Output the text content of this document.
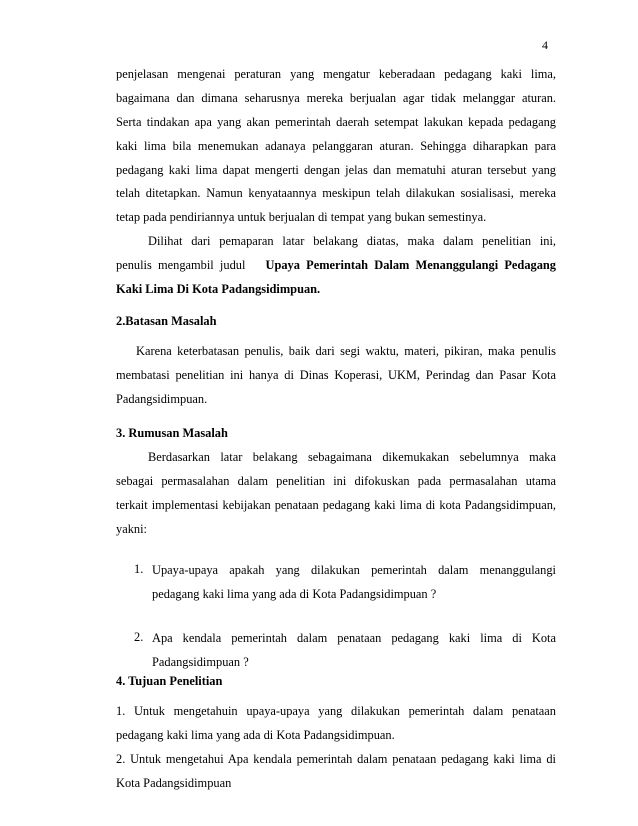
4
penjelasan mengenai peraturan yang mengatur keberadaan pedagang kaki lima,
bagaimana dan dimana seharusnya mereka berjualan agar tidak melanggar aturan.
Serta tindakan apa yang akan pemerintah daerah setempat lakukan kepada pedagang
kaki lima bila menemukan adanaya pelanggaran aturan. Sehingga diharapkan para
pedagang kaki lima dapat mengerti dengan jelas dan mematuhi aturan tersebut yang
telah ditetapkan. Namun kenyataannya meskipun telah dilakukan sosialisasi, mereka
tetap pada pendiriannya untuk berjualan di tempat yang bukan semestinya.
Dilihat dari pemaparan latar belakang diatas, maka dalam penelitian ini,
penulis  mengambil  judul Upaya  Pemerintah  Dalam  Menanggulangi  Pedagang
Kaki Lima Di Kota Padangsidimpuan.
2.Batasan Masalah
Karena keterbatasan penulis, baik dari segi waktu, materi, pikiran, maka penulis
membatasi penelitian ini hanya di Dinas Koperasi, UKM, Perindag dan Pasar Kota
Padangsidimpuan.
3. Rumusan Masalah
Berdasarkan latar belakang sebagaimana dikemukakan sebelumnya maka
sebagai permasalahan dalam penelitian ini difokuskan pada permasalahan utama
terkait implementasi kebijakan penataan pedagang kaki lima di kota Padangsidimpuan,
yakni:
1. Upaya-upaya apakah yang dilakukan pemerintah dalam menanggulangi
pedagang kaki lima yang ada di Kota Padangsidimpuan ?
2. Apa kendala pemerintah dalam penataan pedagang kaki lima di Kota
Padangsidimpuan ?
4. Tujuan Penelitian
1. Untuk mengetahuin upaya-upaya yang dilakukan pemerintah dalam penataan
pedagang kaki lima yang ada di Kota Padangsidimpuan.
2. Untuk mengetahui Apa kendala pemerintah dalam penataan pedagang kaki lima di
Kota Padangsidimpuan
